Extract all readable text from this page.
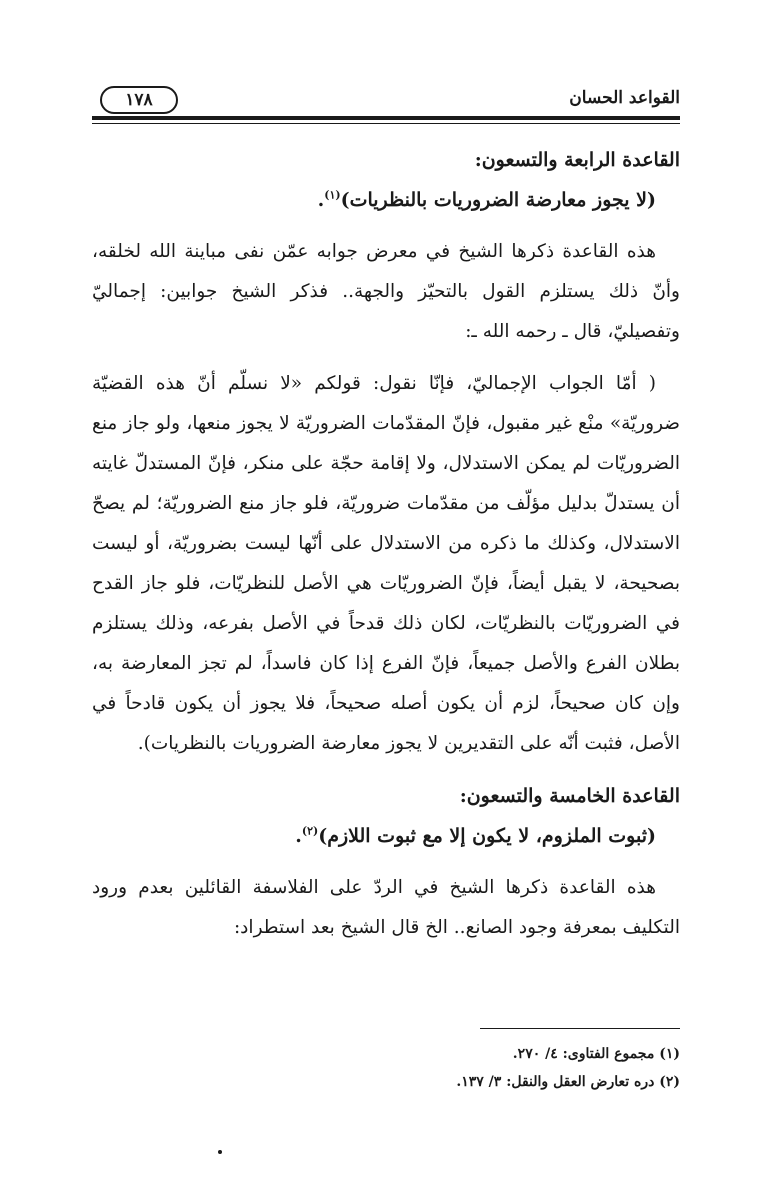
القواعد الحسان
١٧٨

القاعدة الرابعة والتسعون:

(لا يجوز معارضة الضروريات بالنظريات)$^{(١)}$.

هذه القاعدة ذكرها الشيخ في معرض جوابه عمّن نفى مباينة الله لخلقه، وأنّ ذلك يستلزم القول بالتحيّز والجهة.. فذكر الشيخ جوابين: إجماليّ وتفصيليّ، قال ـ رحمه الله ـ:

( أمّا الجواب الإجماليّ، فإنّا نقول: قولكم «لا نسلّم أنّ هذه القضيّة ضروريّة» منْع غير مقبول، فإنّ المقدّمات الضروريّة لا يجوز منعها، ولو جاز منع الضروريّات لم يمكن الاستدلال، ولا إقامة حجّة على منكر، فإنّ المستدلّ غايته أن يستدلّ بدليل مؤلّف من مقدّمات ضروريّة، فلو جاز منع الضروريّة؛ لم يصحّ الاستدلال، وكذلك ما ذكره من الاستدلال على أنّها ليست بضروريّة، أو ليست بصحيحة، لا يقبل أيضاً، فإنّ الضروريّات هي الأصل للنظريّات، فلو جاز القدح في الضروريّات بالنظريّات، لكان ذلك قدحاً في الأصل بفرعه، وذلك يستلزم بطلان الفرع والأصل جميعاً، فإنّ الفرع إذا كان فاسداً، لم تجز المعارضة به، وإن كان صحيحاً، لزم أن يكون أصله صحيحاً، فلا يجوز أن يكون قادحاً في الأصل، فثبت أنّه على التقديرين لا يجوز معارضة الضروريات بالنظريات).

القاعدة الخامسة والتسعون:

(ثبوت الملزوم، لا يكون إلا مع ثبوت اللازم)$^{(٢)}$.

هذه القاعدة ذكرها الشيخ في الردّ على الفلاسفة القائلين بعدم ورود التكليف بمعرفة وجود الصانع.. الخ قال الشيخ بعد استطراد:

(١) مجموع الفتاوى: ٤/ ٢٧٠.

(٢) دره تعارض العقل والنقل: ٣/ ١٣٧.
